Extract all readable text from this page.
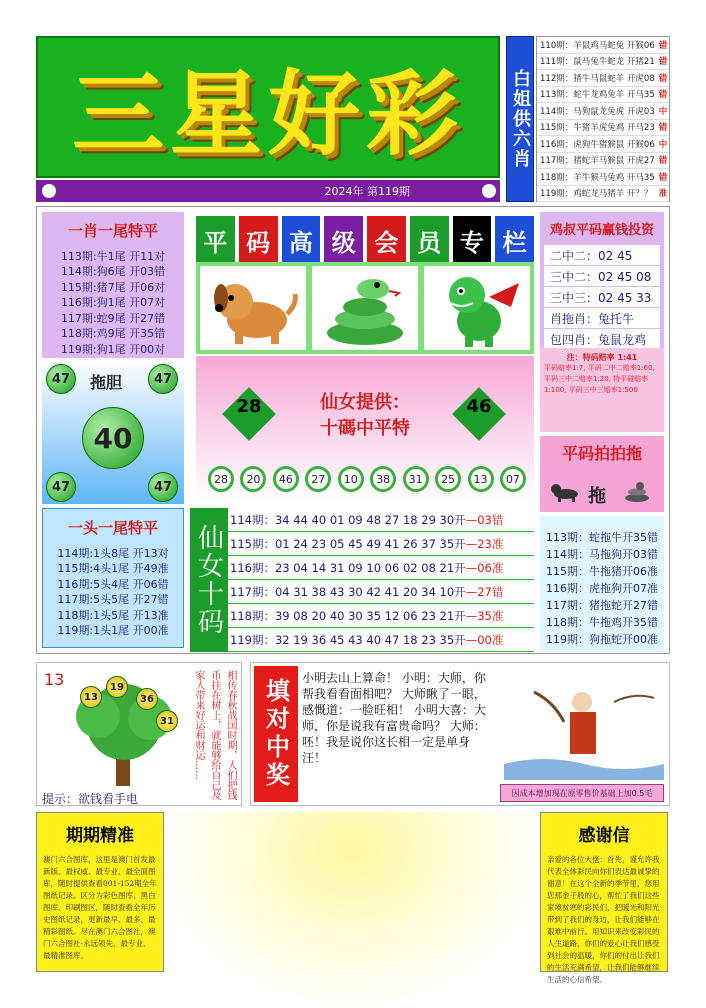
三星好彩
2024年 第119期
白姐供六肖
110期：羊鼠鸡马蛇兔 开猴06 错
111期：鼠马兔牛蛇龙 开猪21 错
112期：猪牛马鼠蛇羊 开虎08 错
113期：蛇牛龙鸡兔羊 开马35 错
114期：马狗鼠龙兔虎 开虎03 中
115期：牛猪羊虎兔鸡 开马23 错
116期：虎狗牛猪猴鼠 开猴06 中
117期：猪蛇羊马猴鼠 开虎27 错
118期：羊牛猴马兔鸡 开马35 错
119期：鸡蛇龙马猪羊 开？？ 准
一肖一尾特平
113期:牛1尾 开11对
114期:狗6尾 开03错
115期:猪7尾 开06对
116期:狗1尾 开07对
117期:蛇9尾 开27错
118期:鸡9尾 开35错
119期:狗1尾 开00对
拖胆
47	47
47	47
40
一头一尾特平
114期:1头8尾 开13对
115期:4头1尾 开49准
116期:5头4尾 开06错
117期:5头5尾 开27错
118期:1头5尾 开13准
119期:1头1尾 开00准
平 码 高 级 会 员 专 栏
仙女提供：
十碼中平特
28	46
28	20	46	27	10	38	31	25	13	07
仙女十码
114期：34 44 40 01 09 48 27 18 29 30开 —03错
115期：01 24 23 05 45 49 41 26 37 35开 —23准
116期：23 04 14 31 09 10 06 02 08 21开 —06准
117期：04 31 38 43 30 42 41 20 34 10开 —27错
118期：39 08 20 40 30 35 12 06 23 21开 —35准
119期：32 19 36 45 43 40 47 18 23 35开 —00准
鸡叔平码赢钱投资
二中二：02 45
三中二：02 45 08
三中三：02 45 33
肖拖肖：兔托牛
包四肖：兔鼠龙鸡
注：特码赔率 1:41
平码赔率1:7, 平码二中二赔率1:60, 平码三中二赔率1:20, 特平碰赔率1:100, 平码三中三赔率1:500
平码拍拍拖
拖
113期：蛇拖牛开35错
114期：马拖狗开03错
115期：牛拖猪开06准
116期：虎拖狗开07准
117期：猪拖蛇开27错
118期：牛拖鸡开35错
119期：狗拖蛇开00准
13
13
19
36
31
提示：欲钱看手电	相传春秋战国时期，人们把钱币挂在树上，就能够给自己及家人带来好运和财运……	填对中奖	小明去山上算命！ 小明：大师，你帮我看看面相吧？ 大师瞅了一眼，感慨道：一脸旺相！ 小明大喜：大师，你是说我有富贵命吗？ 大师：呸！我是说你这长相一定是单身汪！
因成本增加现在原零售价基础上加0.5毛
期期精准

澳门六合图库，这里是澳门首发最新版、最权威、最专业、最全面图库，随时提供查看001-152期全年图纸记录。区分为彩色图库、黑白图库、印刷图区，随时查看全年历史图纸记录，更新最早、最多、最精彩图纸。尽在澳门六合图社，澳门六合图社-永远领先，最专业、最精准图库。

感谢信

亲爱的各位大佬：首先，谨允许我代表全体彩民向你们表达最诚挚的谢意！在这个全新的季节里，您用您那金子般的心，帮忙了我们这些家境贫寒的彩民们，把暖光和阳光带到了我们的身边，让我们能够在艰难中前行。用知识来改变彩民的人生道路，你们的爱心让我们感受到社会的温暖，你们的付出让我们的生活充满希望，让我们能够继续生活的心信希望。
